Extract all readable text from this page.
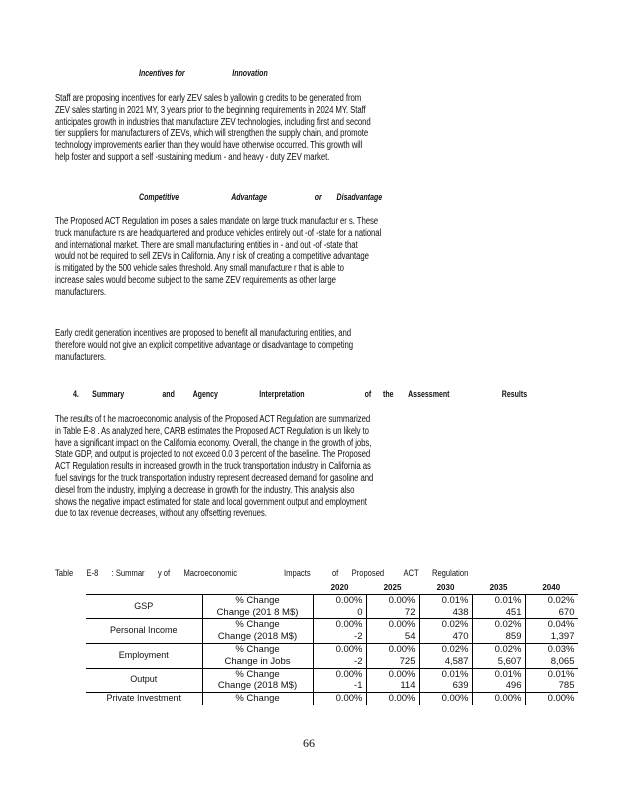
Incentives for	Innovation
Staff are proposing incentives for early ZEV sales b yallowin g credits to be generated from
ZEV sales starting in 2021 MY, 3 years prior to the beginning requirements in 2024 MY. Staff
anticipates growth in industries that manufacture ZEV technologies, including first and second
tier suppliers for manufacturers of ZEVs, which will strengthen the supply chain, and promote
technology improvements earlier than they would have otherwise occurred. This growth will
help foster and support a self -sustaining medium - and heavy - duty ZEV market.
Competitive	Advantage	or Disadvantage
The Proposed ACT Regulation im poses a sales mandate on large truck manufactur er s. These
truck manufacture rs are headquartered and produce vehicles entirely out -of -state for a national
and international market. There are small manufacturing entities in - and out -of -state that
would not be required to sell ZEVs in California. Any r isk of creating a competitive advantage
is mitigated by the 500 vehicle sales threshold. Any small manufacture r that is able to
increase sales would become subject to the same ZEV requirements as other large
manufacturers.
Early credit generation incentives are proposed to benefit all manufacturing entities, and
therefore would not give an explicit competitive advantage or disadvantage to competing
manufacturers.
4. Summary	and Agency	Interpretation	of the Assessment	Results
The results of t he macroeconomic analysis of the Proposed ACT Regulation are summarized
in Table E-8 . As analyzed here, CARB estimates the Proposed ACT Regulation is un likely to
have a significant impact on the California economy. Overall, the change in the growth of jobs,
State GDP, and output is projected to not exceed 0.0 3 percent of the baseline. The Proposed
ACT Regulation results in increased growth in the truck transportation industry in California as
fuel savings for the truck transportation industry represent decreased demand for gasoline and
diesel from the industry, implying a decrease in growth for the industry. This analysis also
shows the negative impact estimated for state and local government output and employment
due to tax revenue decreases, without any offsetting revenues.
Table E-8 : Summar y of Macroeconomic	Impacts of Proposed ACT Regulation
		2020	2025	2030	2035	2040
GSP	% Change	0.00%	0.00%	0.01%	0.01%	0.02%
	Change (201 8 M$)	0	72	438	451	670
Personal Income	% Change	0.00%	0.00%	0.02%	0.02%	0.04%
	Change (2018 M$)	-2	54	470	859	1,397
Employment	% Change	0.00%	0.00%	0.02%	0.02%	0.03%
	Change in Jobs	-2	725	4,587	5,607	8,065
Output	% Change	0.00%	0.00%	0.01%	0.01%	0.01%
	Change (2018 M$)	-1	114	639	496	785
Private Investment	% Change	0.00%	0.00%	0.00%	0.00%	0.00%
66
